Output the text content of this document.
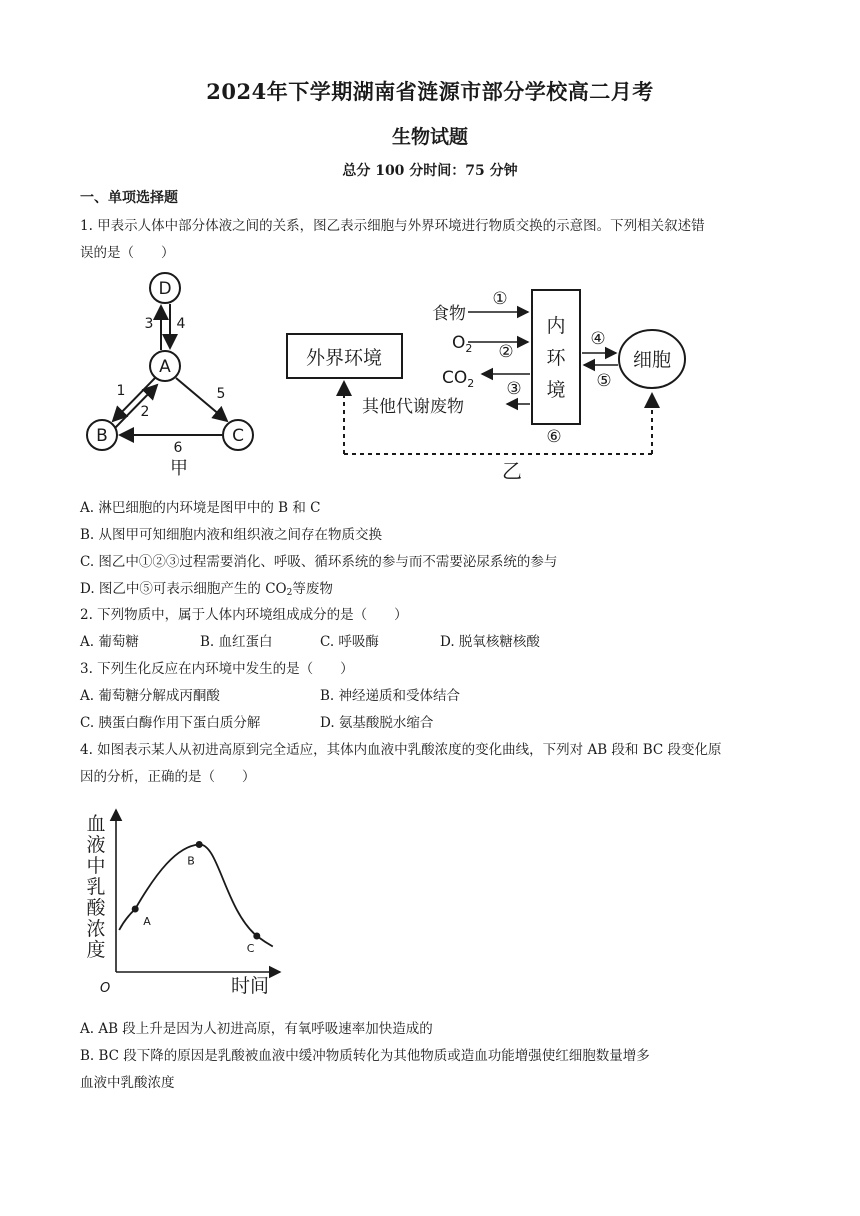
2024年下学期湖南省涟源市部分学校高二月考
生物试题
总分 100 分时间：75 分钟
一、单项选择题
1. 甲表示人体中部分体液之间的关系，图乙表示细胞与外界环境进行物质交换的示意图。下列相关叙述错
误的是（　　）
D
A
B	C
3 4
1
2
5
6
甲
外界环境
内
环
境
细胞
食物
$O_2$
$CO_2$
其他代谢废物
①
②
③
④
⑤
⑥
乙
A. 淋巴细胞的内环境是图甲中的 B 和 C
B. 从图甲可知细胞内液和组织液之间存在物质交换
C. 图乙中①②③过程需要消化、呼吸、循环系统的参与而不需要泌尿系统的参与
D. 图乙中⑤可表示细胞产生的 CO2等废物
2. 下列物质中，属于人体内环境组成成分的是（　　）
A. 葡萄糖	B. 血红蛋白	C. 呼吸酶	D. 脱氧核糖核酸
3. 下列生化反应在内环境中发生的是（　　）
A. 葡萄糖分解成丙酮酸	B. 神经递质和受体结合
C. 胰蛋白酶作用下蛋白质分解	D. 氨基酸脱水缩合
4. 如图表示某人从初进高原到完全适应，其体内血液中乳酸浓度的变化曲线，下列对 AB 段和 BC 段变化原
因的分析，正确的是（　　）
血液中乳酸浓度
时间
O
A
B
C
A. AB 段上升是因为人初进高原，有氧呼吸速率加快造成的
B. BC 段下降的原因是乳酸被血液中缓冲物质转化为其他物质或造血功能增强使红细胞数量增多
血液中乳酸浓度
